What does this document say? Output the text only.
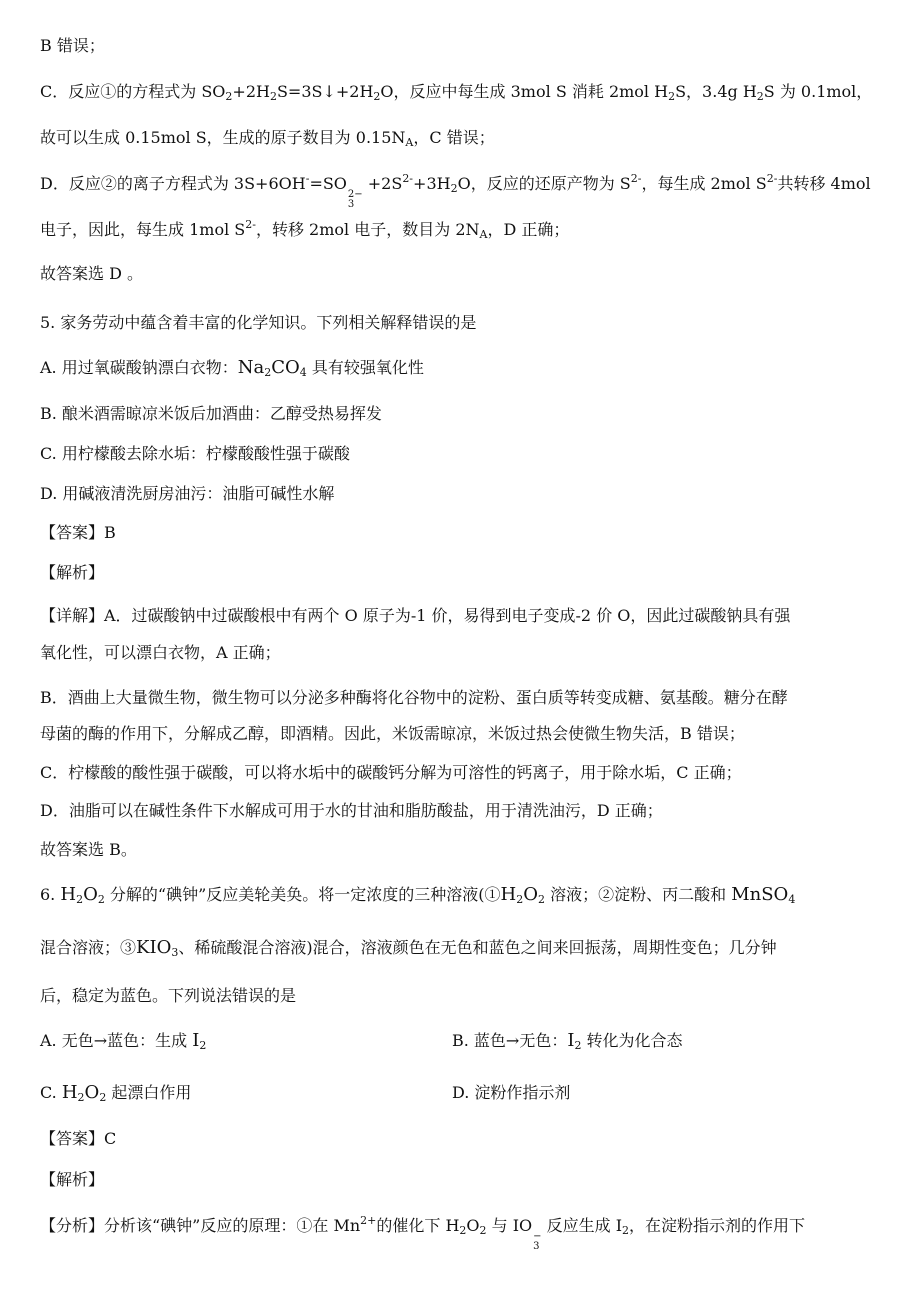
B 错误；
C．反应①的方程式为 $SO_2+2H_2S=3S↓+2H_2O$，反应中每生成 3mol S 消耗 2mol $H_2S$，3.4g $H_2S$ 为 0.1mol，
故可以生成 0.15mol S，生成的原子数目为 $0.15N_A$，C 错误；
D．反应②的离子方程式为 3S+6OH-=SO
2−
3
$+2S^{2-}+3H_2O$，反应的还原产物为 $S^{2-}$，每生成 2mol $S^{2-}$共转移 4mol
电子，因此，每生成 1mol $S^{2-}$，转移 2mol 电子，数目为 $2N_A$，D 正确；
故答案选 D 。
5. 家务劳动中蕴含着丰富的化学知识。下列相关解释错误的是
A. 用过氧碳酸钠漂白衣物：$Na_2CO_4$ 具有较强氧化性
B. 酿米酒需晾凉米饭后加酒曲：乙醇受热易挥发
C. 用柠檬酸去除水垢：柠檬酸酸性强于碳酸
D. 用碱液清洗厨房油污：油脂可碱性水解
【答案】B
【解析】
【详解】A．过碳酸钠中过碳酸根中有两个 O 原子为-1 价，易得到电子变成-2 价 O，因此过碳酸钠具有强
氧化性，可以漂白衣物，A 正确；
B．酒曲上大量微生物，微生物可以分泌多种酶将化谷物中的淀粉、蛋白质等转变成糖、氨基酸。糖分在酵
母菌的酶的作用下，分解成乙醇，即酒精。因此，米饭需晾凉，米饭过热会使微生物失活，B 错误；
C．柠檬酸的酸性强于碳酸，可以将水垢中的碳酸钙分解为可溶性的钙离子，用于除水垢，C 正确；
D．油脂可以在碱性条件下水解成可用于水的甘油和脂肪酸盐，用于清洗油污，D 正确；
故答案选 B。
6. $H_2O_2$ 分解的“碘钟”反应美轮美奂。将一定浓度的三种溶液($①H_2O_2$ 溶液；②淀粉、丙二酸和 MnSO$_4$
混合溶液；$③KIO_3$、稀硫酸混合溶液)混合，溶液颜色在无色和蓝色之间来回振荡，周期性变色；几分钟
后，稳定为蓝色。下列说法错误的是
A. 无色→蓝色：生成 $I_2$	B. 蓝色→无色：$I_2$ 转化为化合态
C. $H_2O_2$ 起漂白作用	D. 淀粉作指示剂
【答案】C
【解析】
【分析】分析该“碘钟”反应的原理：①在 $Mn^{2+}$的催化下 $H_2O_2$ 与 IO
−
3
反应生成 $I_2$，在淀粉指示剂的作用下
